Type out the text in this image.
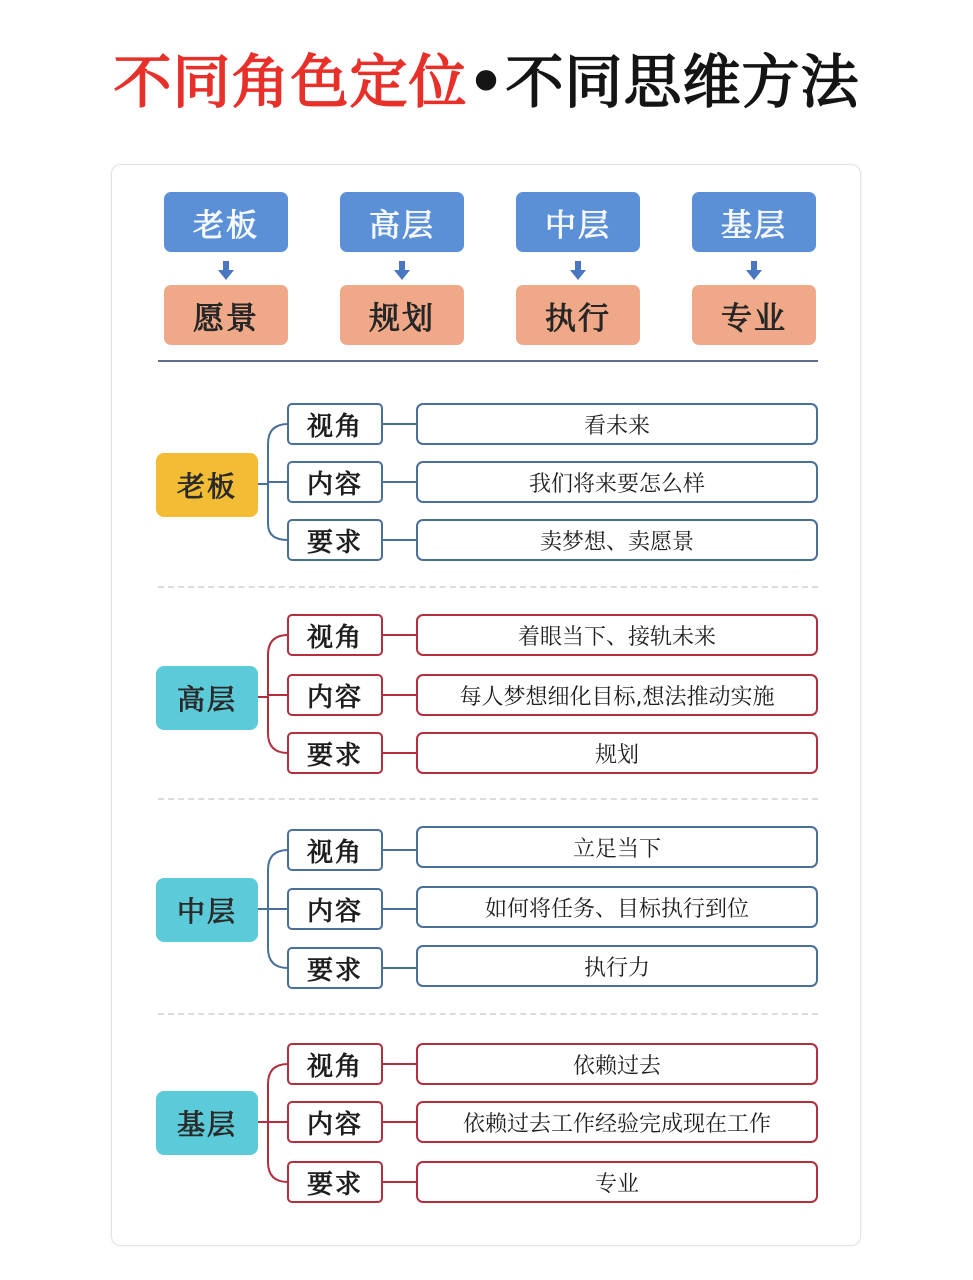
不同角色定位•不同思维方法
老板	高层	中层	基层
愿景	规划	执行	专业
老板
视角	看未来
内容	我们将来要怎么样
要求	卖梦想、卖愿景
高层
视角	着眼当下、接轨未来
内容	每人梦想细化目标,想法推动实施
要求	规划
中层
视角	立足当下
内容	如何将任务、目标执行到位
要求	执行力
基层
视角	依赖过去
内容	依赖过去工作经验完成现在工作
要求	专业
